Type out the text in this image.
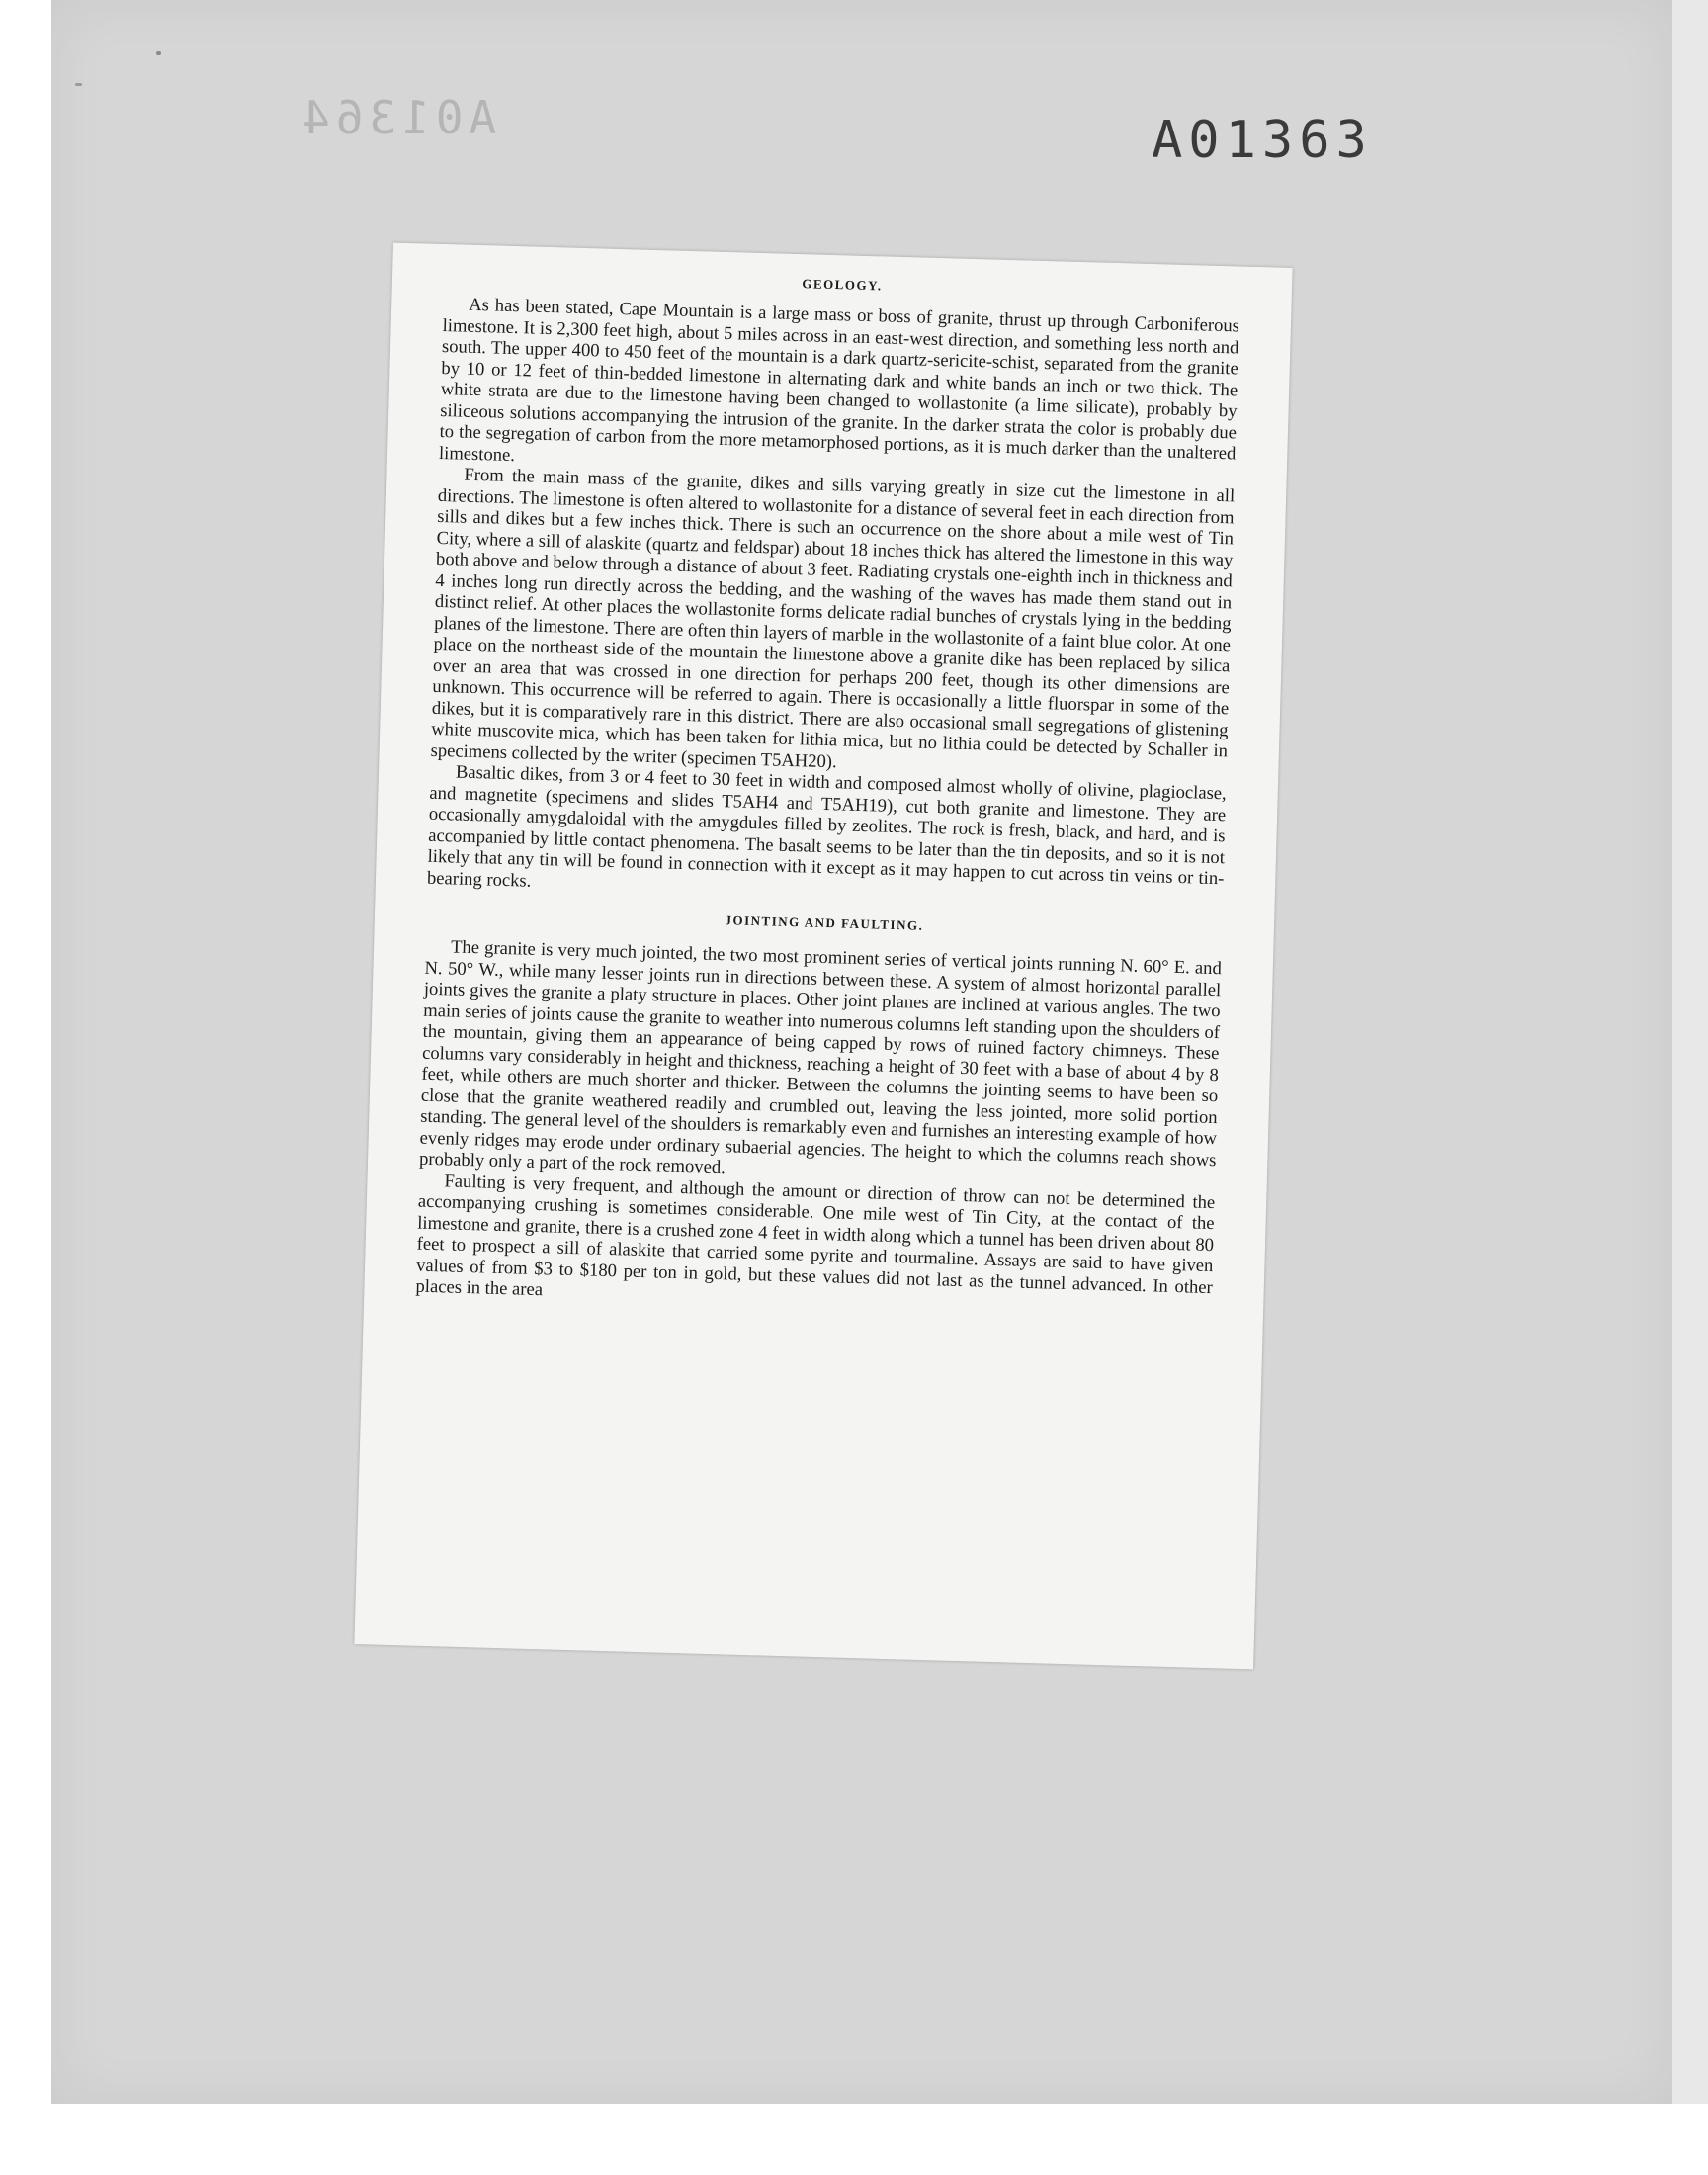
A01364	A01363
GEOLOGY.

As has been stated, Cape Mountain is a large mass or boss of granite, thrust up through Carboniferous limestone. It is 2,300 feet high, about 5 miles across in an east-west direction, and something less north and south. The upper 400 to 450 feet of the mountain is a dark quartz-sericite-schist, separated from the granite by 10 or 12 feet of thin-bedded limestone in alternating dark and white bands an inch or two thick. The white strata are due to the limestone having been changed to wollastonite (a lime silicate), probably by siliceous solutions accompanying the intrusion of the granite. In the darker strata the color is probably due to the segregation of carbon from the more metamorphosed portions, as it is much darker than the unaltered limestone.

From the main mass of the granite, dikes and sills varying greatly in size cut the limestone in all directions. The limestone is often altered to wollastonite for a distance of several feet in each direction from sills and dikes but a few inches thick. There is such an occurrence on the shore about a mile west of Tin City, where a sill of alaskite (quartz and feldspar) about 18 inches thick has altered the limestone in this way both above and below through a distance of about 3 feet. Radiating crystals one-eighth inch in thickness and 4 inches long run directly across the bedding, and the washing of the waves has made them stand out in distinct relief. At other places the wollastonite forms delicate radial bunches of crystals lying in the bedding planes of the limestone. There are often thin layers of marble in the wollastonite of a faint blue color. At one place on the northeast side of the mountain the limestone above a granite dike has been replaced by silica over an area that was crossed in one direction for perhaps 200 feet, though its other dimensions are unknown. This occurrence will be referred to again. There is occasionally a little fluorspar in some of the dikes, but it is comparatively rare in this district. There are also occasional small segregations of glistening white muscovite mica, which has been taken for lithia mica, but no lithia could be detected by Schaller in specimens collected by the writer (specimen T5AH20).

Basaltic dikes, from 3 or 4 feet to 30 feet in width and composed almost wholly of olivine, plagioclase, and magnetite (specimens and slides T5AH4 and T5AH19), cut both granite and limestone. They are occasionally amygdaloidal with the amygdules filled by zeolites. The rock is fresh, black, and hard, and is accompanied by little contact phenomena. The basalt seems to be later than the tin deposits, and so it is not likely that any tin will be found in connection with it except as it may happen to cut across tin veins or tin-bearing rocks.

JOINTING AND FAULTING.

The granite is very much jointed, the two most prominent series of vertical joints running N. 60° E. and N. 50° W., while many lesser joints run in directions between these. A system of almost horizontal parallel joints gives the granite a platy structure in places. Other joint planes are inclined at various angles. The two main series of joints cause the granite to weather into numerous columns left standing upon the shoulders of the mountain, giving them an appearance of being capped by rows of ruined factory chimneys. These columns vary considerably in height and thickness, reaching a height of 30 feet with a base of about 4 by 8 feet, while others are much shorter and thicker. Between the columns the jointing seems to have been so close that the granite weathered readily and crumbled out, leaving the less jointed, more solid portion standing. The general level of the shoulders is remarkably even and furnishes an interesting example of how evenly ridges may erode under ordinary subaerial agencies. The height to which the columns reach shows probably only a part of the rock removed.

Faulting is very frequent, and although the amount or direction of throw can not be determined the accompanying crushing is sometimes considerable. One mile west of Tin City, at the contact of the limestone and granite, there is a crushed zone 4 feet in width along which a tunnel has been driven about 80 feet to prospect a sill of alaskite that carried some pyrite and tourmaline. Assays are said to have given values of from $3 to $180 per ton in gold, but these values did not last as the tunnel advanced. In other places in the area
